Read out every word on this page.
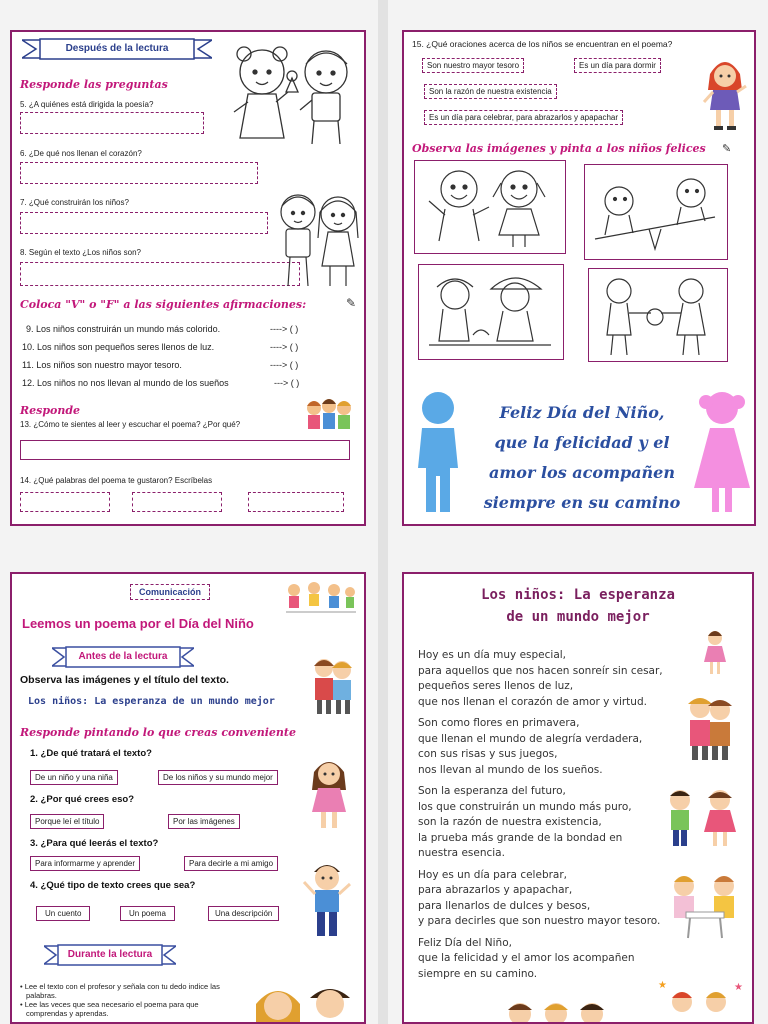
Después de la lectura
Responde las preguntas
5. ¿A quiénes está dirigida la poesía?
6. ¿De qué nos llenan el corazón?
7. ¿Qué construirán los niños?
8. Según el texto ¿Los niños son?
Coloca "V" o "F" a las siguientes afirmaciones:	✎
9. Los niños construirán un mundo más colorido.	----> ( )
10. Los niños son pequeños seres llenos de luz.	----> ( )
11. Los niños son nuestro mayor tesoro.	----> ( )
12. Los niños no nos llevan al mundo de los sueños	---> ( )
Responde
13. ¿Cómo te sientes al leer y escuchar el poema? ¿Por qué?
14. ¿Qué palabras del poema te gustaron? Escríbelas
15. ¿Qué oraciones acerca de los niños se encuentran en el poema?
Son nuestro mayor tesoro	Es un día para dormir
Son la razón de nuestra existencia
Es un día para celebrar, para abrazarlos y apapachar
Observa las imágenes y pinta a los niños felices ✎
Feliz Día del Niño,
que la felicidad y el
amor los acompañen
siempre en su camino
Comunicación
Leemos un poema por el Día del Niño
Antes de la lectura
Observa las imágenes y el título del texto.
Los niños: La esperanza de un mundo mejor
Responde pintando lo que creas conveniente
1. ¿De qué tratará el texto?
De un niño y una niña	De los niños y su mundo mejor
2. ¿Por qué crees eso?
Porque leí el título	Por las imágenes
3. ¿Para qué leerás el texto?
Para informarme y aprender	Para decirle a mi amigo
4. ¿Qué tipo de texto crees que sea?
Un cuento	Un poema	Una descripción
Durante la lectura
• Lee el texto con el profesor y señala con tu dedo indice las palabras.
• Lee las veces que sea necesario el poema para que comprendas y aprendas.
Los niños: La esperanza
de un mundo mejor
Hoy es un día muy especial,
para aquellos que nos hacen sonreír sin cesar,
pequeños seres llenos de luz,
que nos llenan el corazón de amor y virtud.
Son como flores en primavera,
que llenan el mundo de alegría verdadera,
con sus risas y sus juegos,
nos llevan al mundo de los sueños.
Son la esperanza del futuro,
los que construirán un mundo más puro,
son la razón de nuestra existencia,
la prueba más grande de la bondad en
nuestra esencia.
Hoy es un día para celebrar,
para abrazarlos y apapachar,
para llenarlos de dulces y besos,
y para decirles que son nuestro mayor tesoro.
Feliz Día del Niño,
que la felicidad y el amor los acompañen
siempre en su camino.
★	★
